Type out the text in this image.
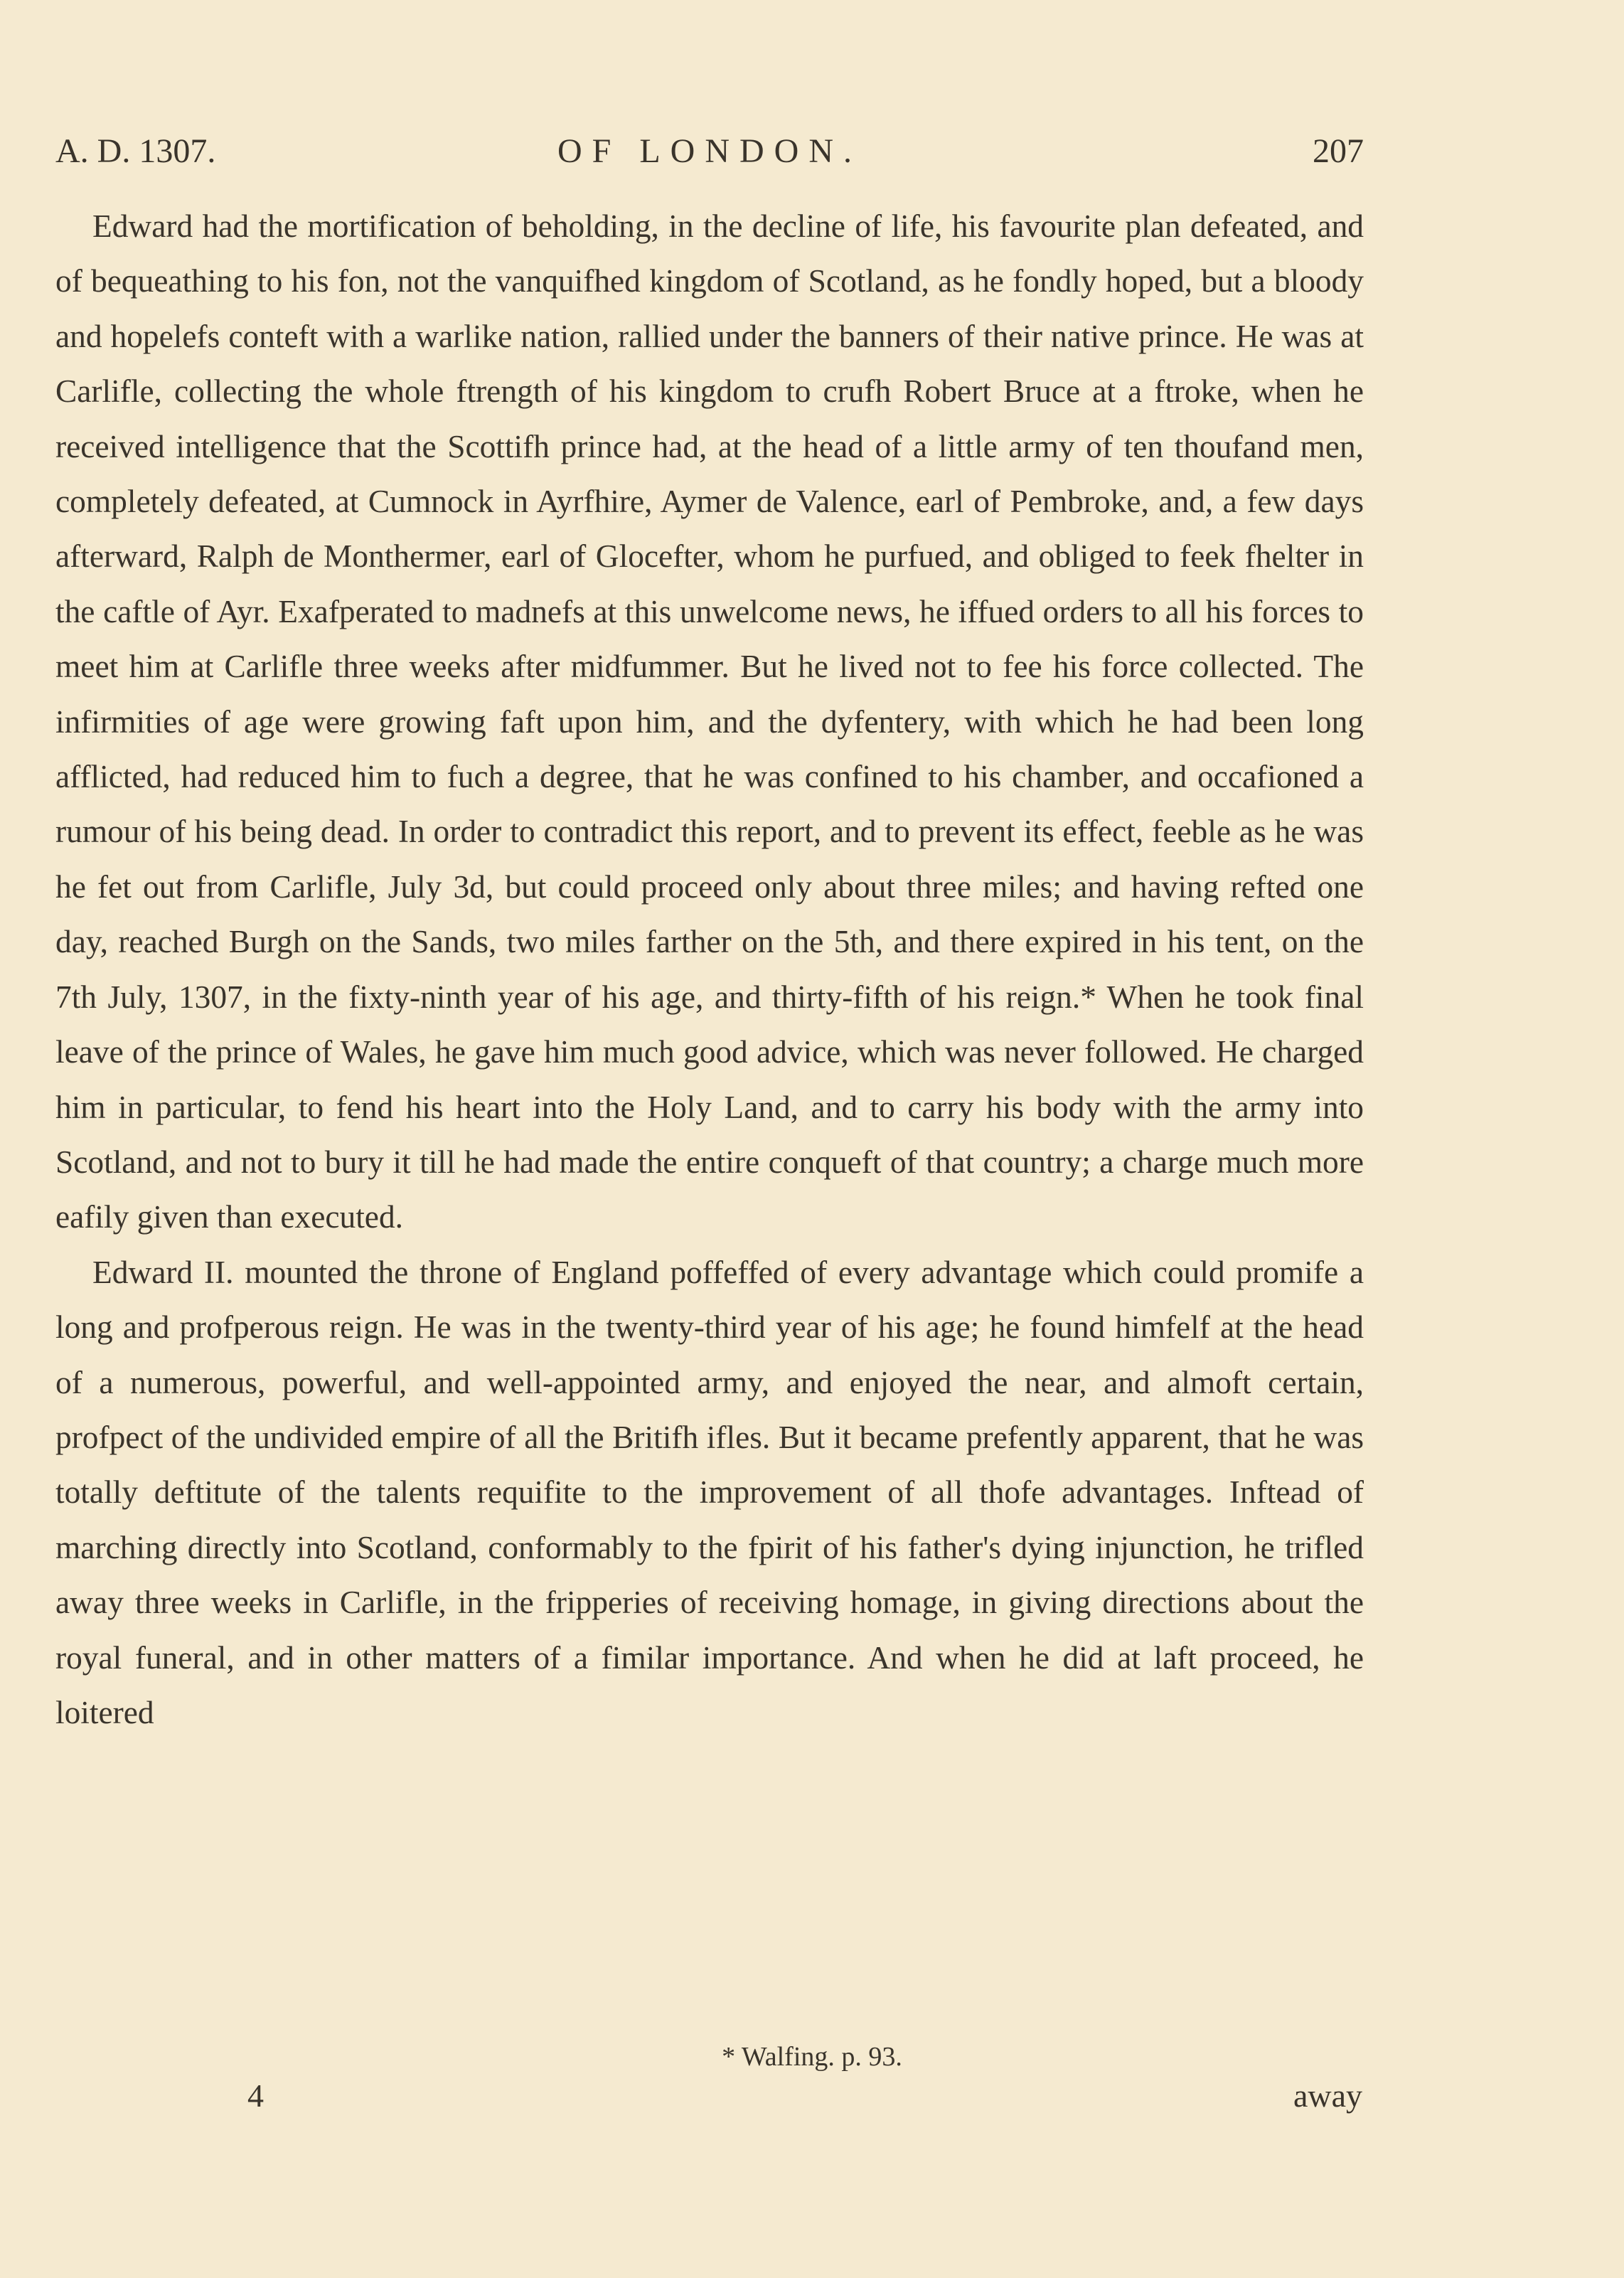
A. D. 1307.	OF LONDON.	207

Edward had the mortification of beholding, in the decline of life, his favourite plan defeated, and of bequeathing to his fon, not the vanquifhed kingdom of Scotland, as he fondly hoped, but a bloody and hopelefs conteft with a warlike nation, rallied under the banners of their native prince. He was at Carlifle, collecting the whole ftrength of his kingdom to crufh Robert Bruce at a ftroke, when he received intelligence that the Scottifh prince had, at the head of a little army of ten thoufand men, completely defeated, at Cumnock in Ayrfhire, Aymer de Valence, earl of Pembroke, and, a few days afterward, Ralph de Monthermer, earl of Glocefter, whom he purfued, and obliged to feek fhelter in the caftle of Ayr. Exafperated to madnefs at this unwelcome news, he iffued orders to all his forces to meet him at Carlifle three weeks after midfummer. But he lived not to fee his force collected. The infirmities of age were growing faft upon him, and the dyfentery, with which he had been long afflicted, had reduced him to fuch a degree, that he was confined to his chamber, and occafioned a rumour of his being dead. In order to contradict this report, and to prevent its effect, feeble as he was he fet out from Carlifle, July 3d, but could proceed only about three miles; and having refted one day, reached Burgh on the Sands, two miles farther on the 5th, and there expired in his tent, on the 7th July, 1307, in the fixty-ninth year of his age, and thirty-fifth of his reign.* When he took final leave of the prince of Wales, he gave him much good advice, which was never followed. He charged him in particular, to fend his heart into the Holy Land, and to carry his body with the army into Scotland, and not to bury it till he had made the entire conqueft of that country; a charge much more eafily given than executed.

Edward II. mounted the throne of England poffeffed of every advantage which could promife a long and profperous reign. He was in the twenty-third year of his age; he found himfelf at the head of a numerous, powerful, and well-appointed army, and enjoyed the near, and almoft certain, profpect of the undivided empire of all the Britifh ifles. But it became prefently apparent, that he was totally deftitute of the talents requifite to the improvement of all thofe advantages. Inftead of marching directly into Scotland, conformably to the fpirit of his father's dying injunction, he trifled away three weeks in Carlifle, in the fripperies of receiving homage, in giving directions about the royal funeral, and in other matters of a fimilar importance. And when he did at laft proceed, he loitered

* Walfing. p. 93.
4	away
